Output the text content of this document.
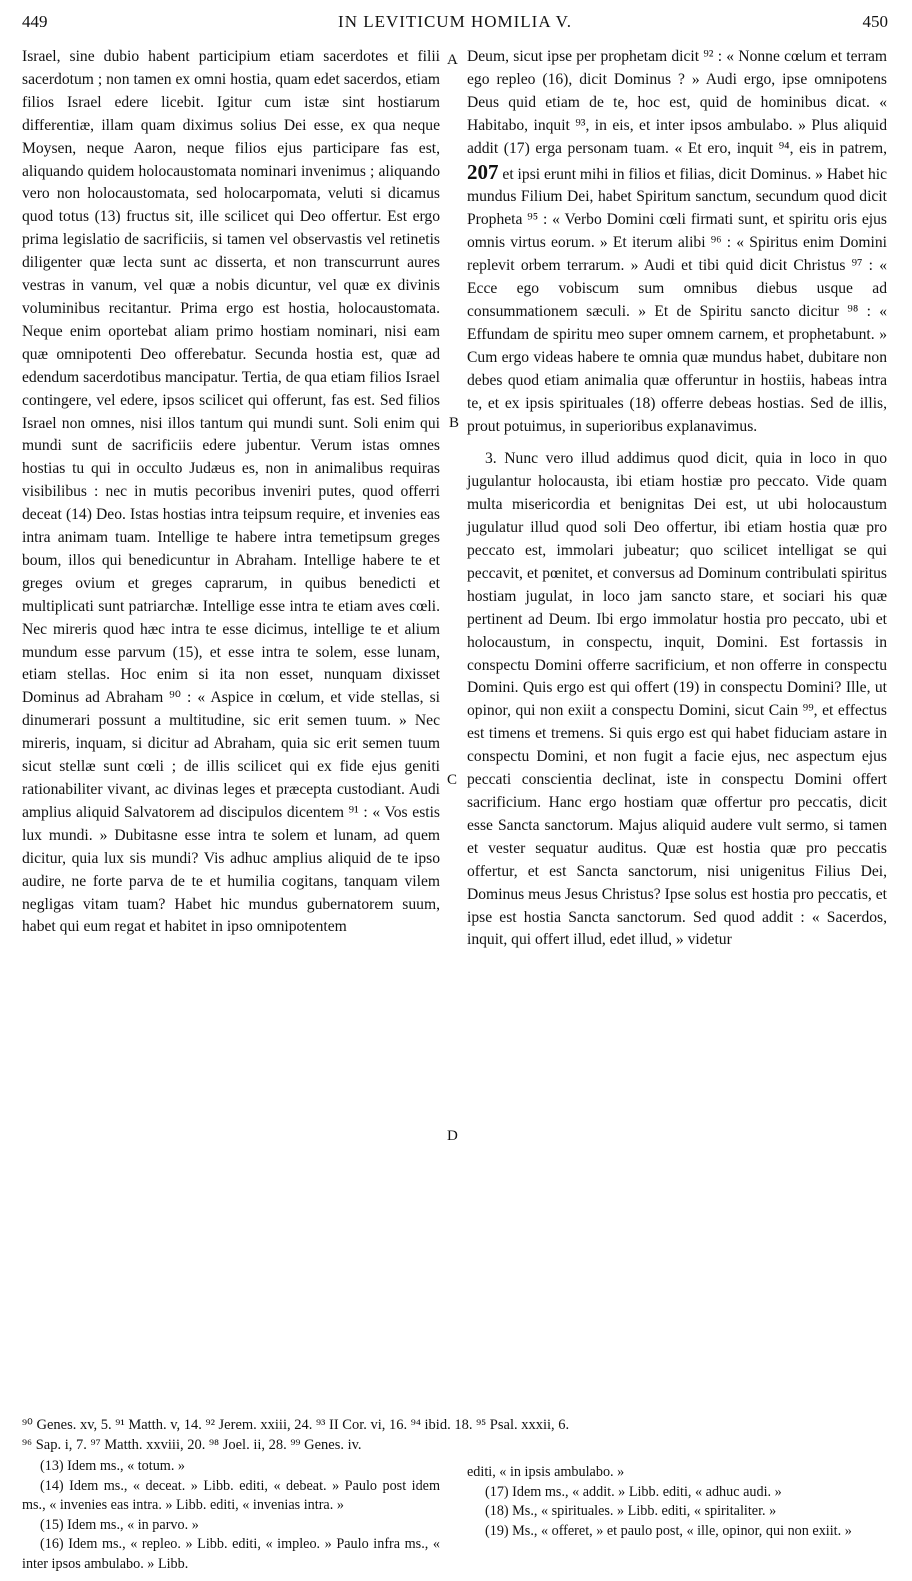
449	IN LEVITICUM HOMILIA V.	450

Israel, sine dubio habent participium etiam sacerdotes et filii sacerdotum ; non tamen ex omni hostia, quam edet sacerdos, etiam filios Israel edere licebit. Igitur cum istæ sint hostiarum differentiæ, illam quam diximus solius Dei esse, ex qua neque Moysen, neque Aaron, neque filios ejus participare fas est, aliquando quidem holocaustomata nominari invenimus ; aliquando vero non holocaustomata, sed holocarpomata, veluti si dicamus quod totus (13) fructus sit, ille scilicet qui Deo offertur. Est ergo prima legislatio de sacrificiis, si tamen vel observastis vel retinetis diligenter quæ lecta sunt ac disserta, et non transcurrunt aures vestras in vanum, vel quæ a nobis dicuntur, vel quæ ex divinis voluminibus recitantur. Prima ergo est hostia, holocaustomata. Neque enim oportebat aliam primo hostiam nominari, nisi eam quæ omnipotenti Deo offerebatur. Secunda hostia est, quæ ad edendum sacerdotibus mancipatur. Tertia, de qua etiam filios Israel contingere, vel edere, ipsos scilicet qui offerunt, fas est. Sed filios Israel non omnes, nisi illos tantum qui mundi sunt. Soli enim qui mundi sunt de sacrificiis edere jubentur. Verum istas omnes hostias tu qui in occulto Judæus es, non in animalibus requiras visibilibus : nec in mutis pecoribus inveniri putes, quod offerri deceat (14) Deo. Istas hostias intra teipsum require, et invenies eas intra animam tuam. Intellige te habere intra temetipsum greges boum, illos qui benedicuntur in Abraham. Intellige habere te et greges ovium et greges caprarum, in quibus benedicti et multiplicati sunt patriarchæ. Intellige esse intra te etiam aves cœli. Nec mireris quod hæc intra te esse dicimus, intellige te et alium mundum esse parvum (15), et esse intra te solem, esse lunam, etiam stellas. Hoc enim si ita non esset, nunquam dixisset Dominus ad Abraham ⁹⁰ : « Aspice in cœlum, et vide stellas, si dinumerari possunt a multitudine, sic erit semen tuum. » Nec mireris, inquam, si dicitur ad Abraham, quia sic erit semen tuum sicut stellæ sunt cœli ; de illis scilicet qui ex fide ejus geniti rationabiliter vivant, ac divinas leges et præcepta custodiant. Audi amplius aliquid Salvatorem ad discipulos dicentem ⁹¹ : « Vos estis lux mundi. » Dubitasne esse intra te solem et lunam, ad quem dicitur, quia lux sis mundi? Vis adhuc amplius aliquid de te ipso audire, ne forte parva de te et humilia cogitans, tanquam vilem negligas vitam tuam? Habet hic mundus gubernatorem suum, habet qui eum regat et habitet in ipso omnipotentem

A
B
C
D

Deum, sicut ipse per prophetam dicit ⁹² : « Nonne cœlum et terram ego repleo (16), dicit Dominus ? » Audi ergo, ipse omnipotens Deus quid etiam de te, hoc est, quid de hominibus dicat. « Habitabo, inquit ⁹³, in eis, et inter ipsos ambulabo. » Plus aliquid addit (17) erga personam tuam. « Et ero, inquit ⁹⁴, eis in patrem, 207 et ipsi erunt mihi in filios et filias, dicit Dominus. » Habet hic mundus Filium Dei, habet Spiritum sanctum, secundum quod dicit Propheta ⁹⁵ : « Verbo Domini cœli firmati sunt, et spiritu oris ejus omnis virtus eorum. » Et iterum alibi ⁹⁶ : « Spiritus enim Domini replevit orbem terrarum. » Audi et tibi quid dicit Christus ⁹⁷ : « Ecce ego vobiscum sum omnibus diebus usque ad consummationem sæculi. » Et de Spiritu sancto dicitur ⁹⁸ : « Effundam de spiritu meo super omnem carnem, et prophetabunt. » Cum ergo videas habere te omnia quæ mundus habet, dubitare non debes quod etiam animalia quæ offeruntur in hostiis, habeas intra te, et ex ipsis spirituales (18) offerre debeas hostias. Sed de illis, prout potuimus, in superioribus explanavimus.

3. Nunc vero illud addimus quod dicit, quia in loco in quo jugulantur holocausta, ibi etiam hostiæ pro peccato. Vide quam multa misericordia et benignitas Dei est, ut ubi holocaustum jugulatur illud quod soli Deo offertur, ibi etiam hostia quæ pro peccato est, immolari jubeatur; quo scilicet intelligat se qui peccavit, et pœnitet, et conversus ad Dominum contribulati spiritus hostiam jugulat, in loco jam sancto stare, et sociari his quæ pertinent ad Deum. Ibi ergo immolatur hostia pro peccato, ubi et holocaustum, in conspectu, inquit, Domini. Est fortassis in conspectu Domini offerre sacrificium, et non offerre in conspectu Domini. Quis ergo est qui offert (19) in conspectu Domini? Ille, ut opinor, qui non exiit a conspectu Domini, sicut Cain ⁹⁹, et effectus est timens et tremens. Si quis ergo est qui habet fiduciam astare in conspectu Domini, et non fugit a facie ejus, nec aspectum ejus peccati conscientia declinat, iste in conspectu Domini offert sacrificium. Hanc ergo hostiam quæ offertur pro peccatis, dicit esse Sancta sanctorum. Majus aliquid audere vult sermo, si tamen et vester sequatur auditus. Quæ est hostia quæ pro peccatis offertur, et est Sancta sanctorum, nisi unigenitus Filius Dei, Dominus meus Jesus Christus? Ipse solus est hostia pro peccatis, et ipse est hostia Sancta sanctorum. Sed quod addit : « Sacerdos, inquit, qui offert illud, edet illud, » videtur

⁹⁰ Genes. xv, 5. ⁹¹ Matth. v, 14. ⁹² Jerem. xxiii, 24. ⁹³ II Cor. vi, 16. ⁹⁴ ibid. 18. ⁹⁵ Psal. xxxii, 6.

⁹⁶ Sap. i, 7. ⁹⁷ Matth. xxviii, 20. ⁹⁸ Joel. ii, 28. ⁹⁹ Genes. iv.

(13) Idem ms., « totum. »

(14) Idem ms., « deceat. » Libb. editi, « debeat. » Paulo post idem ms., « invenies eas intra. » Libb. editi, « invenias intra. »

(15) Idem ms., « in parvo. »

(16) Idem ms., « repleo. » Libb. editi, « impleo. » Paulo infra ms., « inter ipsos ambulabo. » Libb.

editi, « in ipsis ambulabo. »

(17) Idem ms., « addit. » Libb. editi, « adhuc audi. »

(18) Ms., « spirituales. » Libb. editi, « spiritaliter. »

(19) Ms., « offeret, » et paulo post, « ille, opinor, qui non exiit. »
